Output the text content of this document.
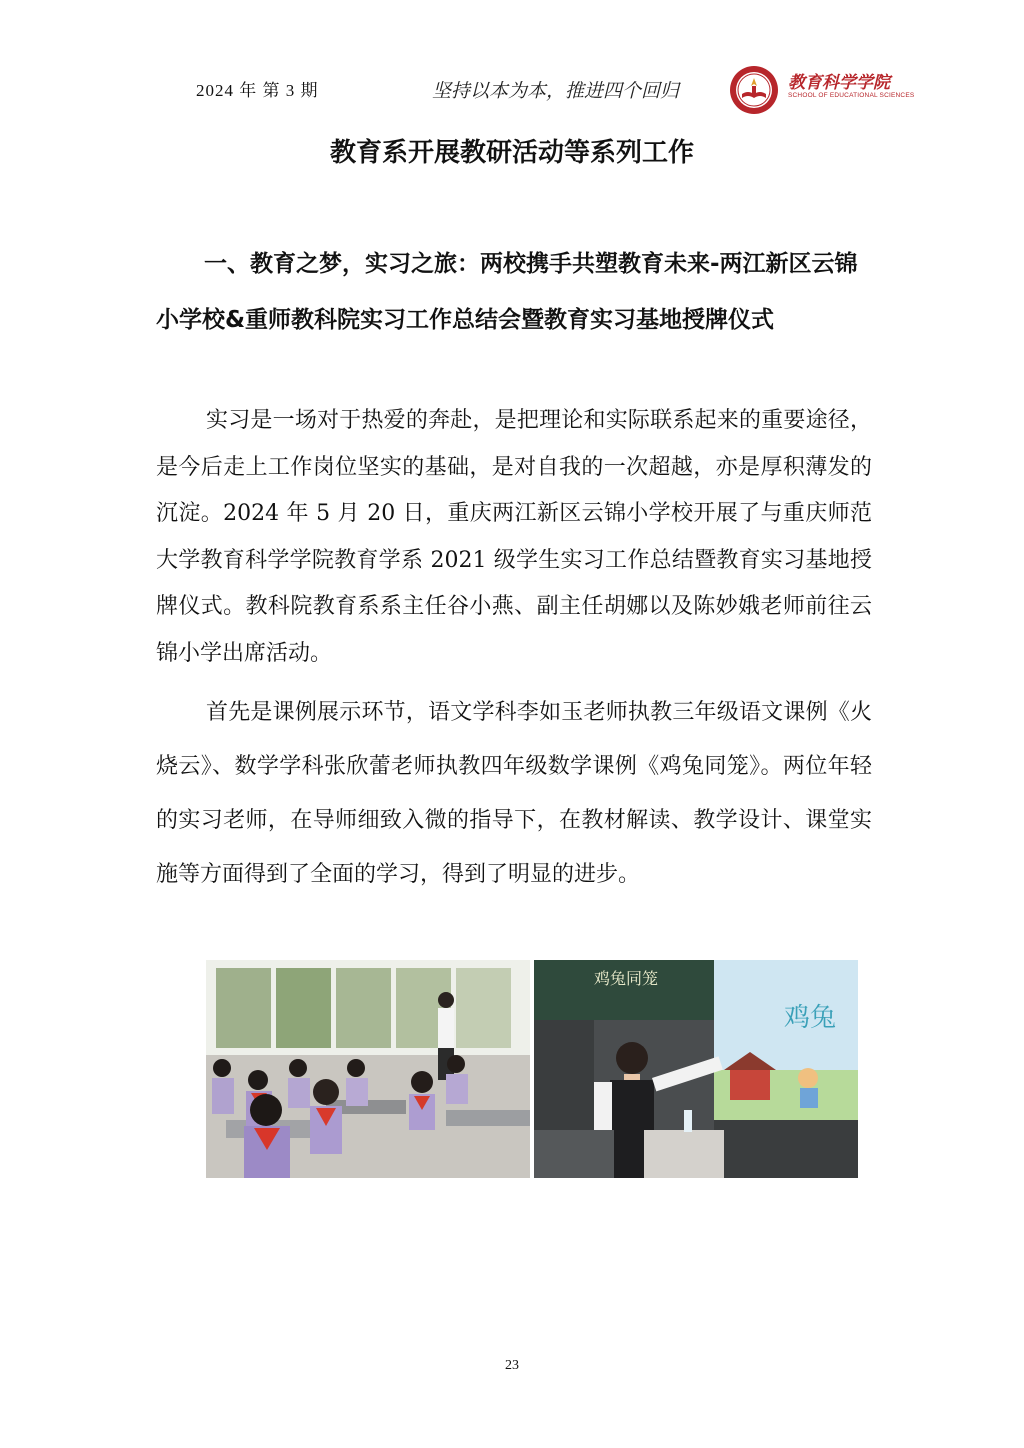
2024 年 第 3 期	坚持以本为本，推进四个回归	教育科学学院
SCHOOL OF EDUCATIONAL SCIENCES
教育系开展教研活动等系列工作
一、教育之梦，实习之旅：两校携手共塑教育未来-两江新区云锦小学校&重师教科院实习工作总结会暨教育实习基地授牌仪式

实习是一场对于热爱的奔赴，是把理论和实际联系起来的重要途径，是今后走上工作岗位坚实的基础，是对自我的一次超越，亦是厚积薄发的沉淀。2024 年 5 月 20 日，重庆两江新区云锦小学校开展了与重庆师范大学教育科学学院教育学系 2021 级学生实习工作总结暨教育实习基地授牌仪式。教科院教育系系主任谷小燕、副主任胡娜以及陈妙娥老师前往云锦小学出席活动。

首先是课例展示环节，语文学科李如玉老师执教三年级语文课例《火烧云》、数学学科张欣蕾老师执教四年级数学课例《鸡兔同笼》。两位年轻的实习老师，在导师细致入微的指导下，在教材解读、教学设计、课堂实施等方面得到了全面的学习，得到了明显的进步。

鸡兔同笼
鸡兔
23
